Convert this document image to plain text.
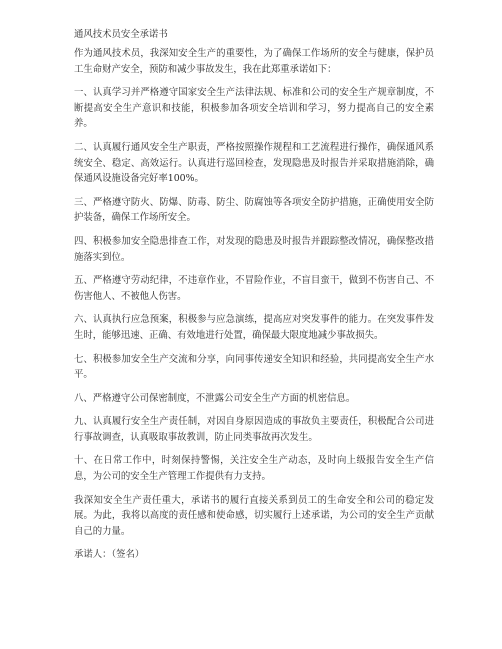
通风技术员安全承诺书

作为通风技术员，我深知安全生产的重要性，为了确保工作场所的安全与健康，保护员工生命财产安全，预防和减少事故发生，我在此郑重承诺如下：

一、认真学习并严格遵守国家安全生产法律法规、标准和公司的安全生产规章制度，不断提高安全生产意识和技能，积极参加各项安全培训和学习，努力提高自己的安全素养。

二、认真履行通风安全生产职责，严格按照操作规程和工艺流程进行操作，确保通风系统安全、稳定、高效运行。认真进行巡回检查，发现隐患及时报告并采取措施消除，确保通风设施设备完好率100%。

三、严格遵守防火、防爆、防毒、防尘、防腐蚀等各项安全防护措施，正确使用安全防护装备，确保工作场所安全。

四、积极参加安全隐患排查工作，对发现的隐患及时报告并跟踪整改情况，确保整改措施落实到位。

五、严格遵守劳动纪律，不违章作业，不冒险作业，不盲目蛮干，做到不伤害自己、不伤害他人、不被他人伤害。

六、认真执行应急预案，积极参与应急演练，提高应对突发事件的能力。在突发事件发生时，能够迅速、正确、有效地进行处置，确保最大限度地减少事故损失。

七、积极参加安全生产交流和分享，向同事传递安全知识和经验，共同提高安全生产水平。

八、严格遵守公司保密制度，不泄露公司安全生产方面的机密信息。

九、认真履行安全生产责任制，对因自身原因造成的事故负主要责任，积极配合公司进行事故调查，认真吸取事故教训，防止同类事故再次发生。

十、在日常工作中，时刻保持警惕，关注安全生产动态，及时向上级报告安全生产信息，为公司的安全生产管理工作提供有力支持。

我深知安全生产责任重大，承诺书的履行直接关系到员工的生命安全和公司的稳定发展。为此，我将以高度的责任感和使命感，切实履行上述承诺，为公司的安全生产贡献自己的力量。

承诺人：（签名）
